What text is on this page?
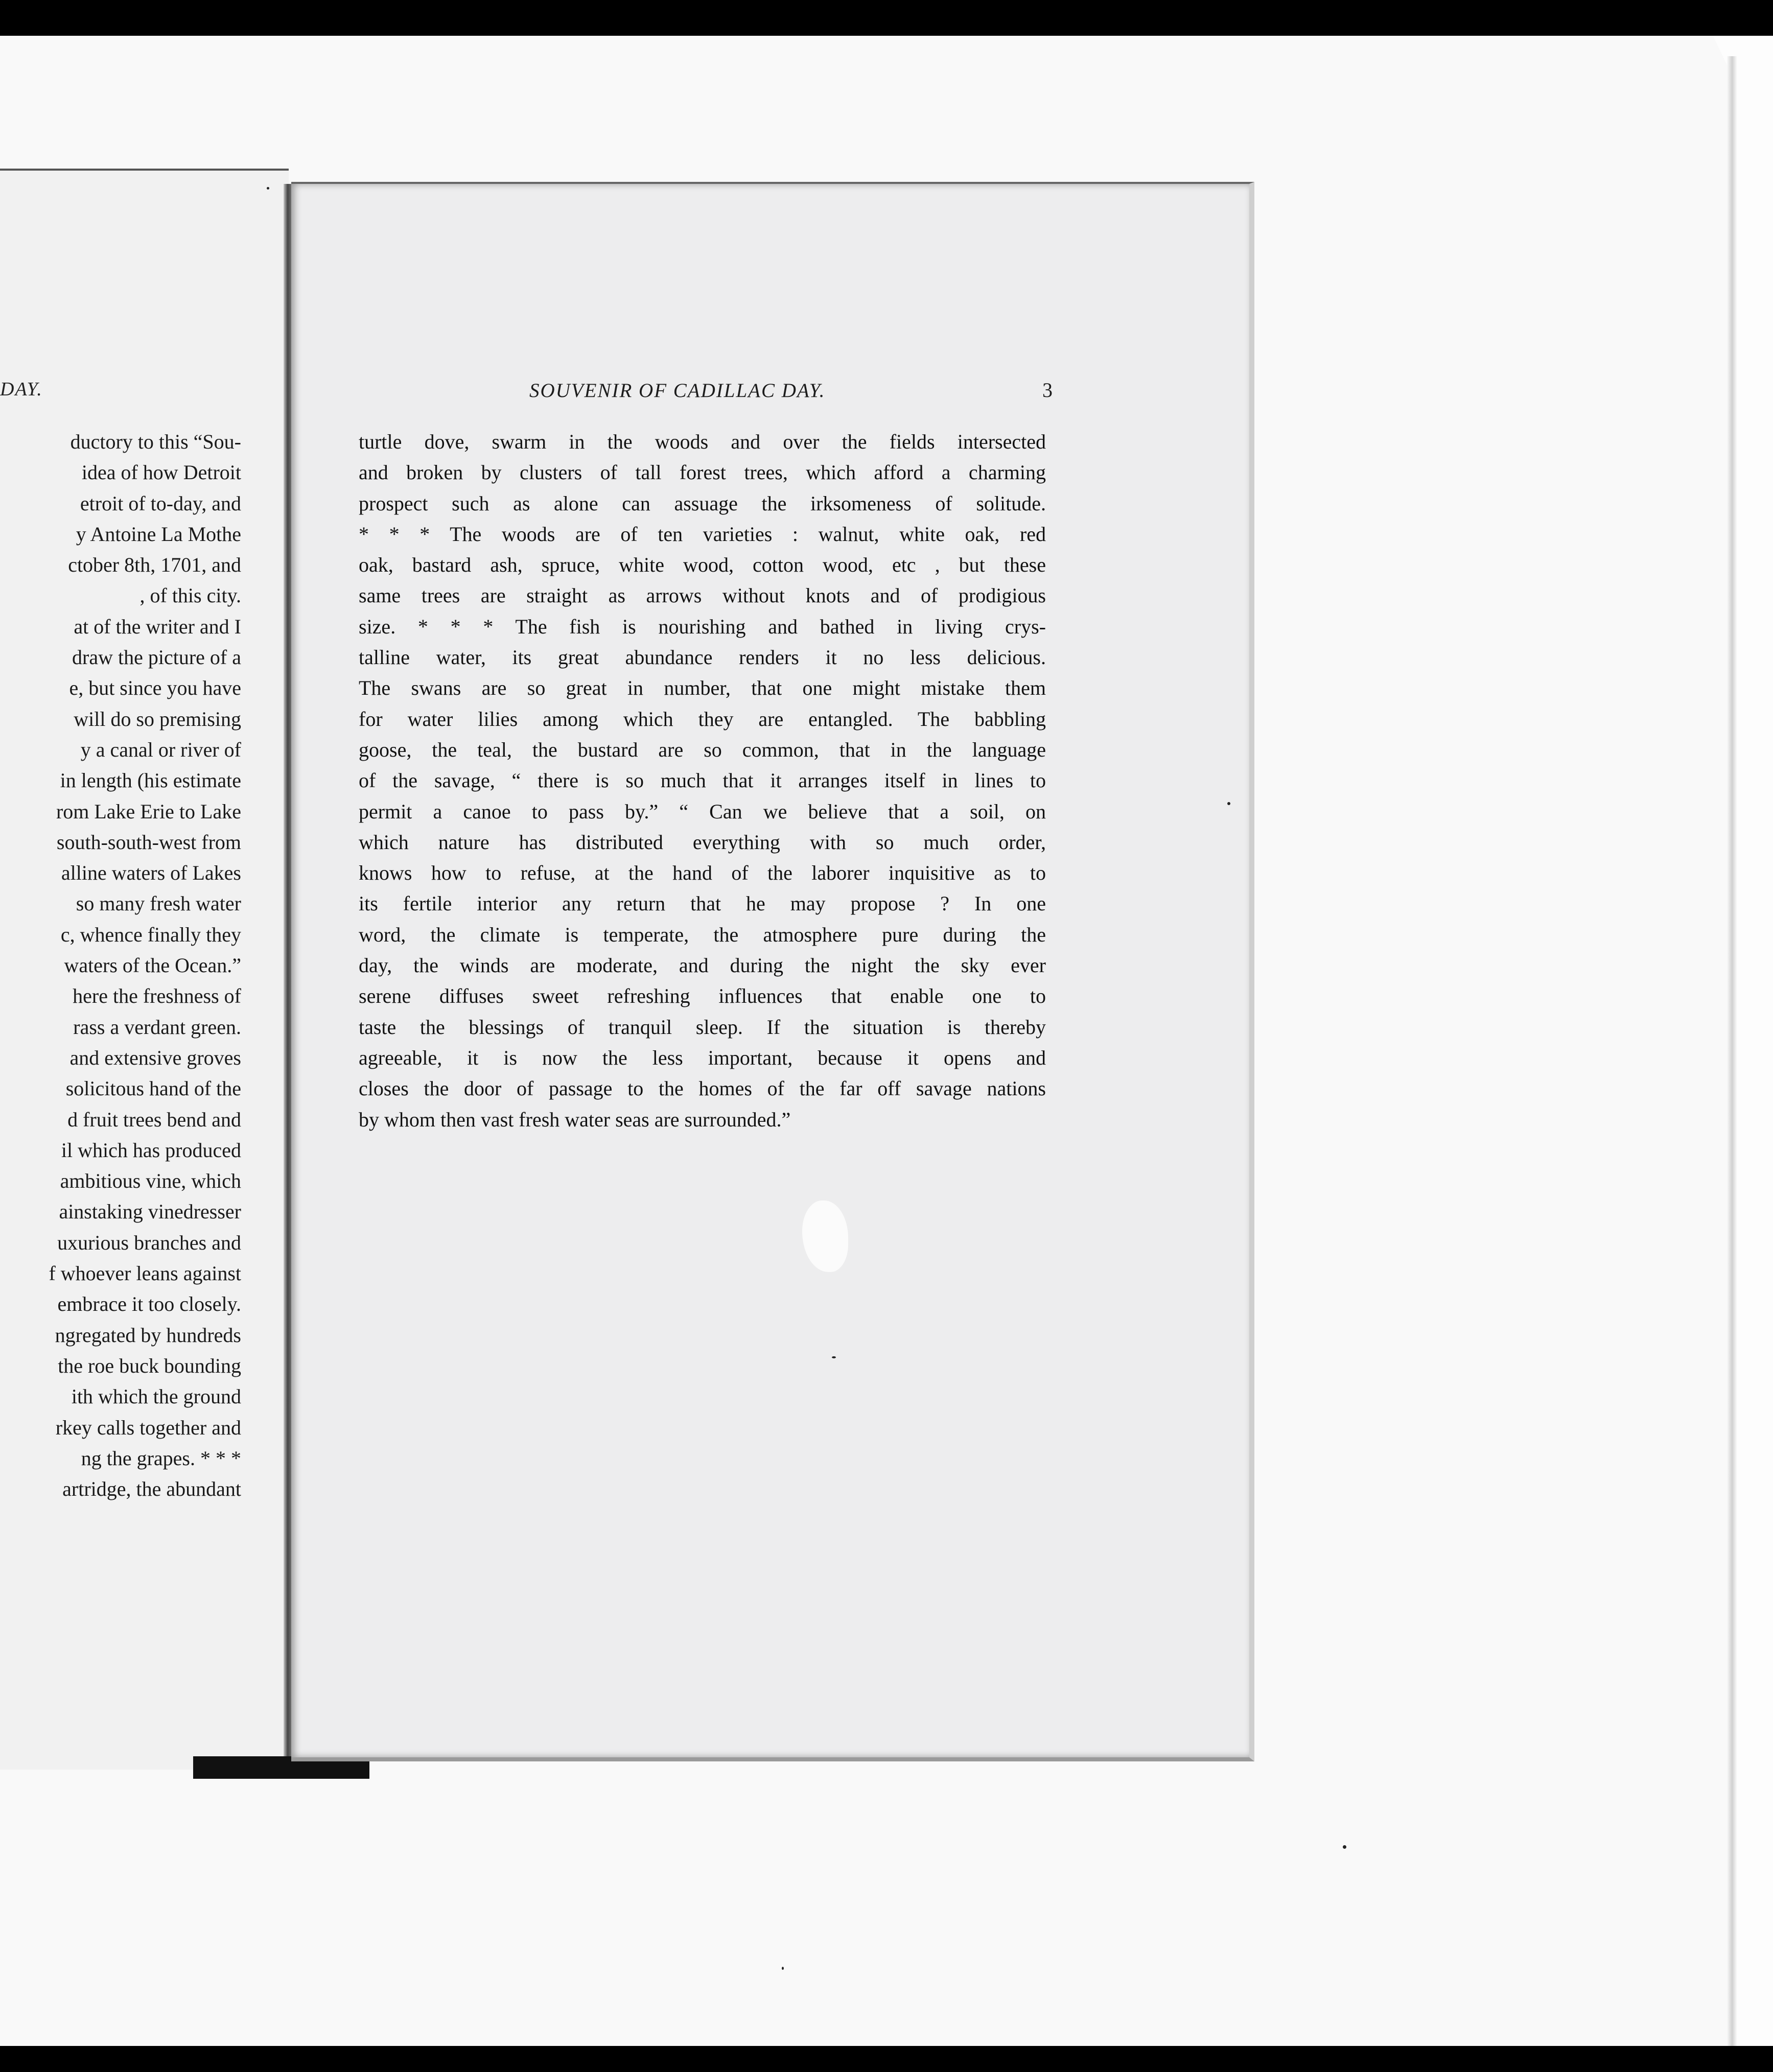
DAY.
ductory to this “Sou-
idea of how Detroit
etroit of to-day, and
y Antoine La Mothe
ctober 8th, 1701, and
, of this city.
at of the writer and I
draw the picture of a
e, but since you have
will do so premising
y a canal or river of
in length (his estimate
rom Lake Erie to Lake
south-south-west from
alline waters of Lakes
so many fresh water
c, whence finally they
waters of the Ocean.”
here the freshness of
rass a verdant green.
and extensive groves
solicitous hand of the
d fruit trees bend and
il which has produced
ambitious vine, which
ainstaking vinedresser
uxurious branches and
f whoever leans against
embrace it too closely.
ngregated by hundreds
the roe buck bounding
ith which the ground
rkey calls together and
ng the grapes. * * *
artridge, the abundant
SOUVENIR OF CADILLAC DAY.	3
turtle dove, swarm in the woods and over the fields intersected
and broken by clusters of tall forest trees, which afford a charming
prospect such as alone can assuage the irksomeness of solitude.
* * * The woods are of ten varieties : walnut, white oak, red
oak, bastard ash, spruce, white wood, cotton wood, etc , but these
same trees are straight as arrows without knots and of prodigious
size. * * * The fish is nourishing and bathed in living crys-
talline water, its great abundance renders it no less delicious.
The swans are so great in number, that one might mistake them
for water lilies among which they are entangled. The babbling
goose, the teal, the bustard are so common, that in the language
of the savage, “ there is so much that it arranges itself in lines to
permit a canoe to pass by.” “ Can we believe that a soil, on
which nature has distributed everything with so much order,
knows how to refuse, at the hand of the laborer inquisitive as to
its fertile interior any return that he may propose ? In one
word, the climate is temperate, the atmosphere pure during the
day, the winds are moderate, and during the night the sky ever
serene diffuses sweet refreshing influences that enable one to
taste the blessings of tranquil sleep. If the situation is thereby
agreeable, it is now the less important, because it opens and
closes the door of passage to the homes of the far off savage nations
by whom then vast fresh water seas are surrounded.”
